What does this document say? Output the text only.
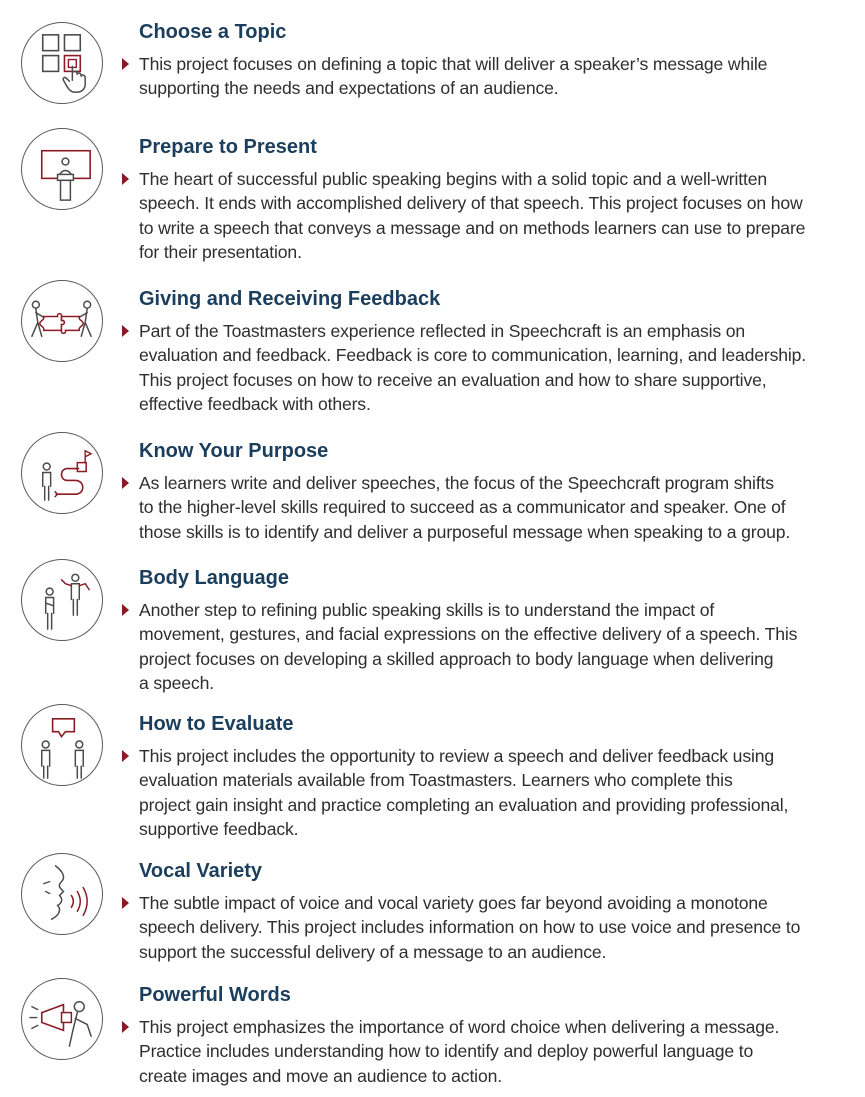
Choose a Topic

This project focuses on defining a topic that will deliver a speaker’s message while
supporting the needs and expectations of an audience.

Prepare to Present

The heart of successful public speaking begins with a solid topic and a well-written
speech. It ends with accomplished delivery of that speech. This project focuses on how
to write a speech that conveys a message and on methods learners can use to prepare
for their presentation.

Giving and Receiving Feedback

Part of the Toastmasters experience reflected in Speechcraft is an emphasis on
evaluation and feedback. Feedback is core to communication, learning, and leadership.
This project focuses on how to receive an evaluation and how to share supportive,
effective feedback with others.

Know Your Purpose

As learners write and deliver speeches, the focus of the Speechcraft program shifts
to the higher-level skills required to succeed as a communicator and speaker. One of
those skills is to identify and deliver a purposeful message when speaking to a group.

Body Language

Another step to refining public speaking skills is to understand the impact of
movement, gestures, and facial expressions on the effective delivery of a speech. This
project focuses on developing a skilled approach to body language when delivering
a speech.

How to Evaluate

This project includes the opportunity to review a speech and deliver feedback using
evaluation materials available from Toastmasters. Learners who complete this
project gain insight and practice completing an evaluation and providing professional,
supportive feedback.

Vocal Variety

The subtle impact of voice and vocal variety goes far beyond avoiding a monotone
speech delivery. This project includes information on how to use voice and presence to
support the successful delivery of a message to an audience.

Powerful Words

This project emphasizes the importance of word choice when delivering a message.
Practice includes understanding how to identify and deploy powerful language to
create images and move an audience to action.
